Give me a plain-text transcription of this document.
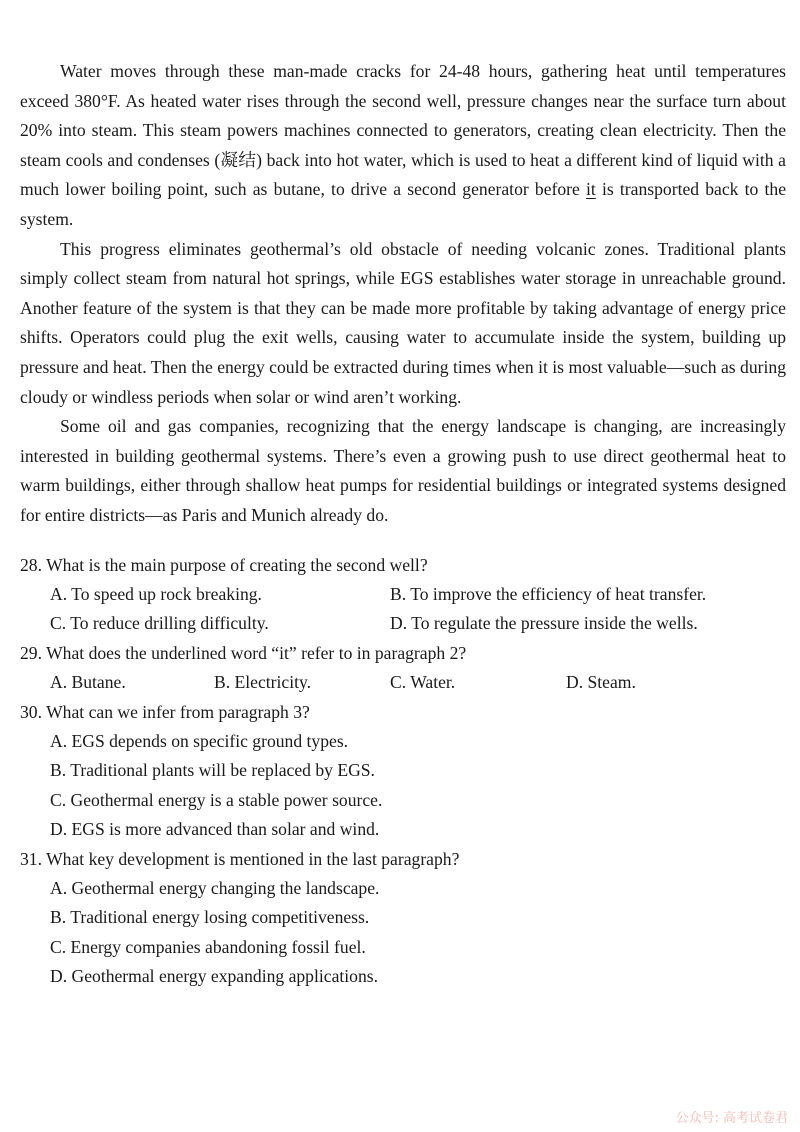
Water moves through these man-made cracks for 24-48 hours, gathering heat until temperatures exceed 380°F. As heated water rises through the second well, pressure changes near the surface turn about 20% into steam. This steam powers machines connected to generators, creating clean electricity. Then the steam cools and condenses (凝结) back into hot water, which is used to heat a different kind of liquid with a much lower boiling point, such as butane, to drive a second generator before it is transported back to the system.

This progress eliminates geothermal’s old obstacle of needing volcanic zones. Traditional plants simply collect steam from natural hot springs, while EGS establishes water storage in unreachable ground. Another feature of the system is that they can be made more profitable by taking advantage of energy price shifts. Operators could plug the exit wells, causing water to accumulate inside the system, building up pressure and heat. Then the energy could be extracted during times when it is most valuable—such as during cloudy or windless periods when solar or wind aren’t working.

Some oil and gas companies, recognizing that the energy landscape is changing, are increasingly interested in building geothermal systems. There’s even a growing push to use direct geothermal heat to warm buildings, either through shallow heat pumps for residential buildings or integrated systems designed for entire districts—as Paris and Munich already do.

28. What is the main purpose of creating the second well?
A. To speed up rock breaking.	B. To improve the efficiency of heat transfer.
C. To reduce drilling difficulty.	D. To regulate the pressure inside the wells.
29. What does the underlined word “it” refer to in paragraph 2?
A. Butane.	B. Electricity.	C. Water.	D. Steam.
30. What can we infer from paragraph 3?
A. EGS depends on specific ground types.
B. Traditional plants will be replaced by EGS.
C. Geothermal energy is a stable power source.
D. EGS is more advanced than solar and wind.
31. What key development is mentioned in the last paragraph?
A. Geothermal energy changing the landscape.
B. Traditional energy losing competitiveness.
C. Energy companies abandoning fossil fuel.
D. Geothermal energy expanding applications.
公众号: 高考试卷君
